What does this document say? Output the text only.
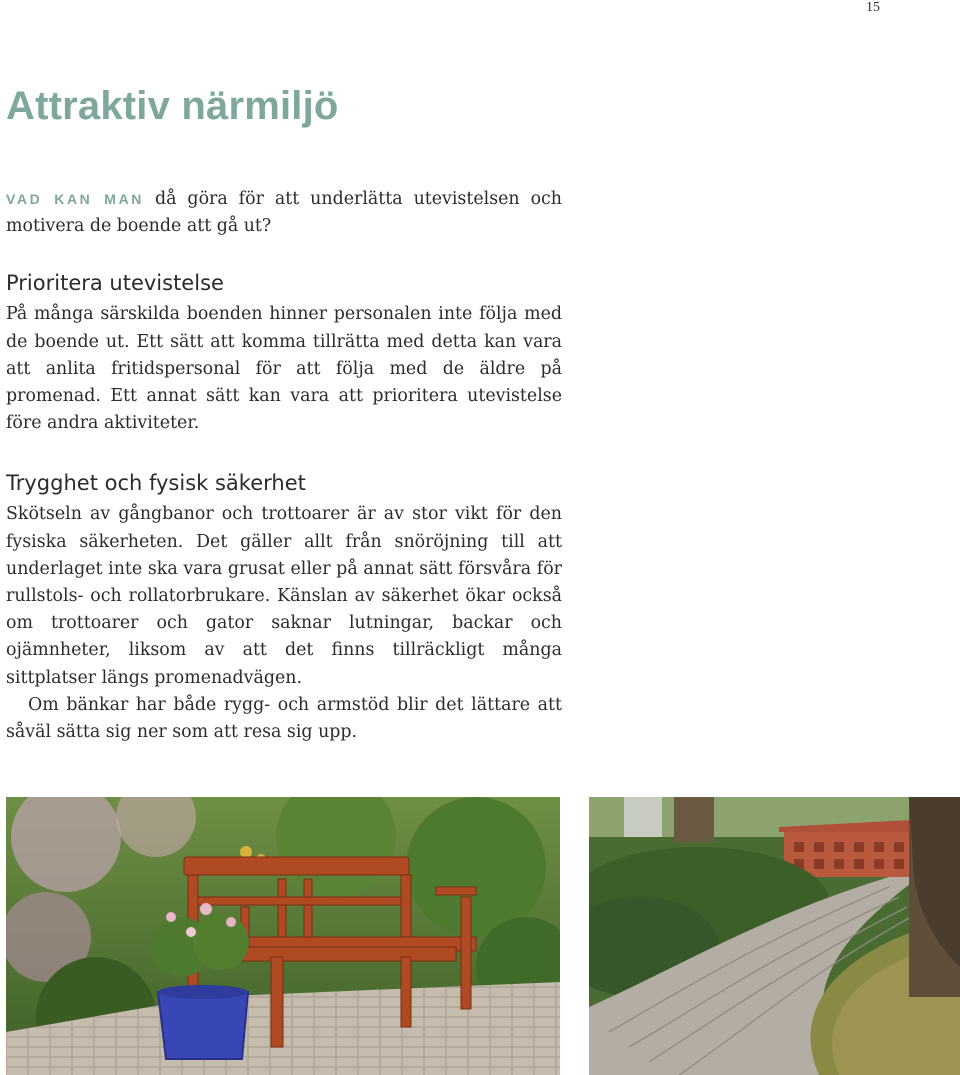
15
Attraktiv närmiljö

VAD KAN MAN då göra för att underlätta utevistelsen och motivera de boende att gå ut?

Prioritera utevistelse

På många särskilda boenden hinner personalen inte följa med de boende ut. Ett sätt att komma tillrätta med detta kan vara att anlita fritidspersonal för att följa med de äldre på promenad. Ett annat sätt kan vara att prioritera utevistelse före andra aktiviteter.

Trygghet och fysisk säkerhet

Skötseln av gångbanor och trottoarer är av stor vikt för den fysiska säkerheten. Det gäller allt från snöröjning till att underlaget inte ska vara grusat eller på annat sätt försvåra för rullstols- och rollatorbrukare. Känslan av säkerhet ökar också om trottoarer och gator saknar lutningar, backar och ojämnheter, liksom av att det finns tillräckligt många sittplatser längs promenadvägen.

Om bänkar har både rygg- och armstöd blir det lättare att såväl sätta sig ner som att resa sig upp.
